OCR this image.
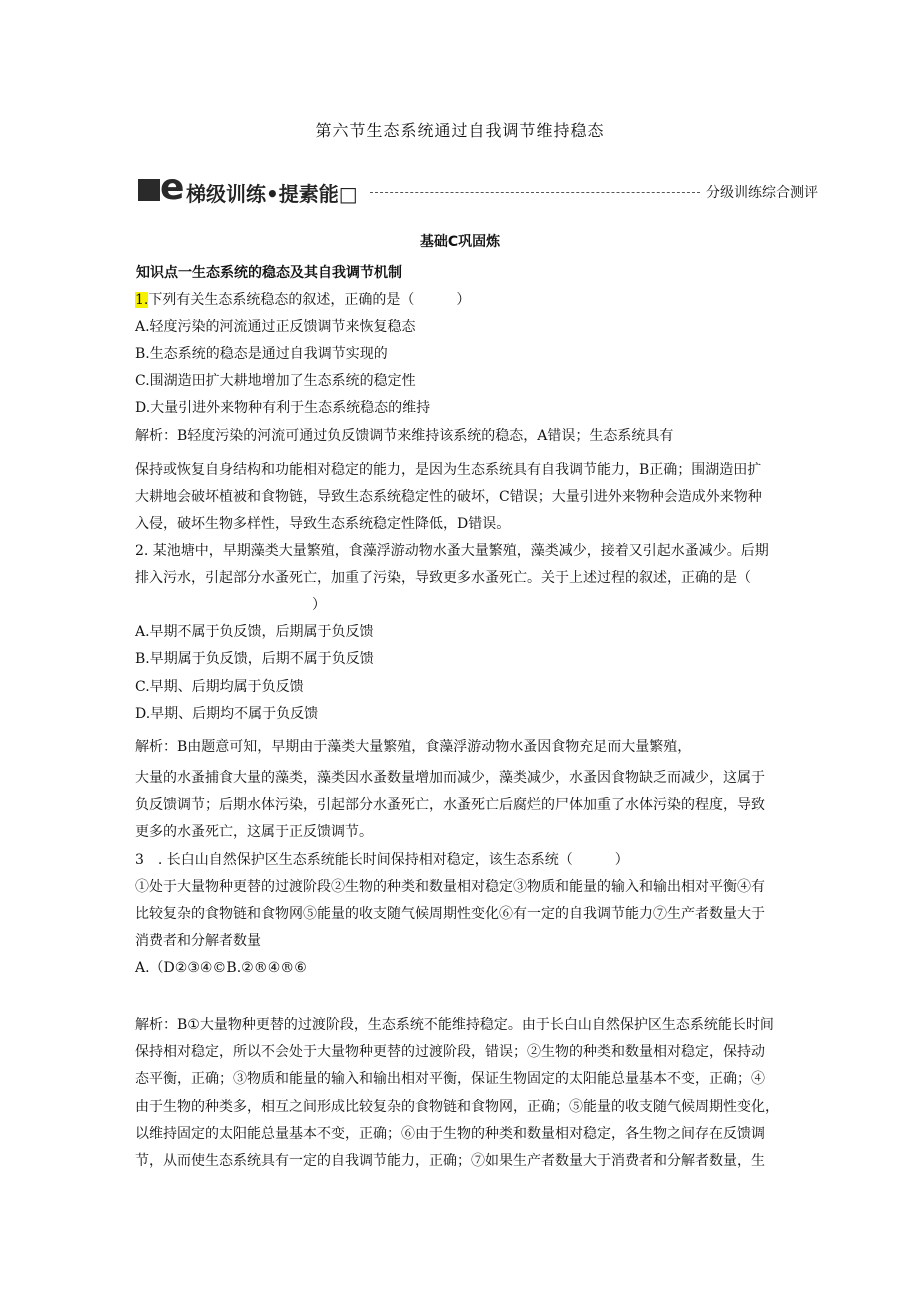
第六节生态系统通过自我调节维持稳态
e 梯级训练•提素能□	分级训练综合测评
基础C巩固炼
知识点一生态系统的稳态及其自我调节机制
1.下列有关生态系统稳态的叙述，正确的是（　　　）
A.轻度污染的河流通过正反馈调节来恢复稳态
B.生态系统的稳态是通过自我调节实现的
C.围湖造田扩大耕地增加了生态系统的稳定性
D.大量引进外来物种有利于生态系统稳态的维持
解析：B轻度污染的河流可通过负反馈调节来维持该系统的稳态，A错误；生态系统具有
保持或恢复自身结构和功能相对稳定的能力，是因为生态系统具有自我调节能力，B正确；围湖造田扩
大耕地会破坏植被和食物链，导致生态系统稳定性的破坏，C错误；大量引进外来物种会造成外来物种
入侵，破坏生物多样性，导致生态系统稳定性降低，D错误。
2. 某池塘中，早期藻类大量繁殖，食藻浮游动物水蚤大量繁殖，藻类减少，接着又引起水蚤减少。后期
排入污水，引起部分水蚤死亡，加重了污染，导致更多水蚤死亡。关于上述过程的叙述，正确的是（
）
A.早期不属于负反馈，后期属于负反馈
B.早期属于负反馈，后期不属于负反馈
C.早期、后期均属于负反馈
D.早期、后期均不属于负反馈
解析：B由题意可知，早期由于藻类大量繁殖，食藻浮游动物水蚤因食物充足而大量繁殖，
大量的水蚤捕食大量的藻类，藻类因水蚤数量增加而减少，藻类减少，水蚤因食物缺乏而减少，这属于
负反馈调节；后期水体污染，引起部分水蚤死亡，水蚤死亡后腐烂的尸体加重了水体污染的程度，导致
更多的水蚤死亡，这属于正反馈调节。
3　. 长白山自然保护区生态系统能长时间保持相对稳定，该生态系统（　　　）
①处于大量物种更替的过渡阶段②生物的种类和数量相对稳定③物质和能量的输入和输出相对平衡④有
比较复杂的食物链和食物网⑤能量的收支随气候周期性变化⑥有一定的自我调节能力⑦生产者数量大于
消费者和分解者数量
A.（D②③④©B.②®④®⑥
解析：B①大量物种更替的过渡阶段，生态系统不能维持稳定。由于长白山自然保护区生态系统能长时间
保持相对稳定，所以不会处于大量物种更替的过渡阶段，错误；②生物的种类和数量相对稳定，保持动
态平衡，正确；③物质和能量的输入和输出相对平衡，保证生物固定的太阳能总量基本不变，正确；④
由于生物的种类多，相互之间形成比较复杂的食物链和食物网，正确；⑤能量的收支随气候周期性变化，
以维持固定的太阳能总量基本不变，正确；⑥由于生物的种类和数量相对稳定，各生物之间存在反馈调
节，从而使生态系统具有一定的自我调节能力，正确；⑦如果生产者数量大于消费者和分解者数量，生
